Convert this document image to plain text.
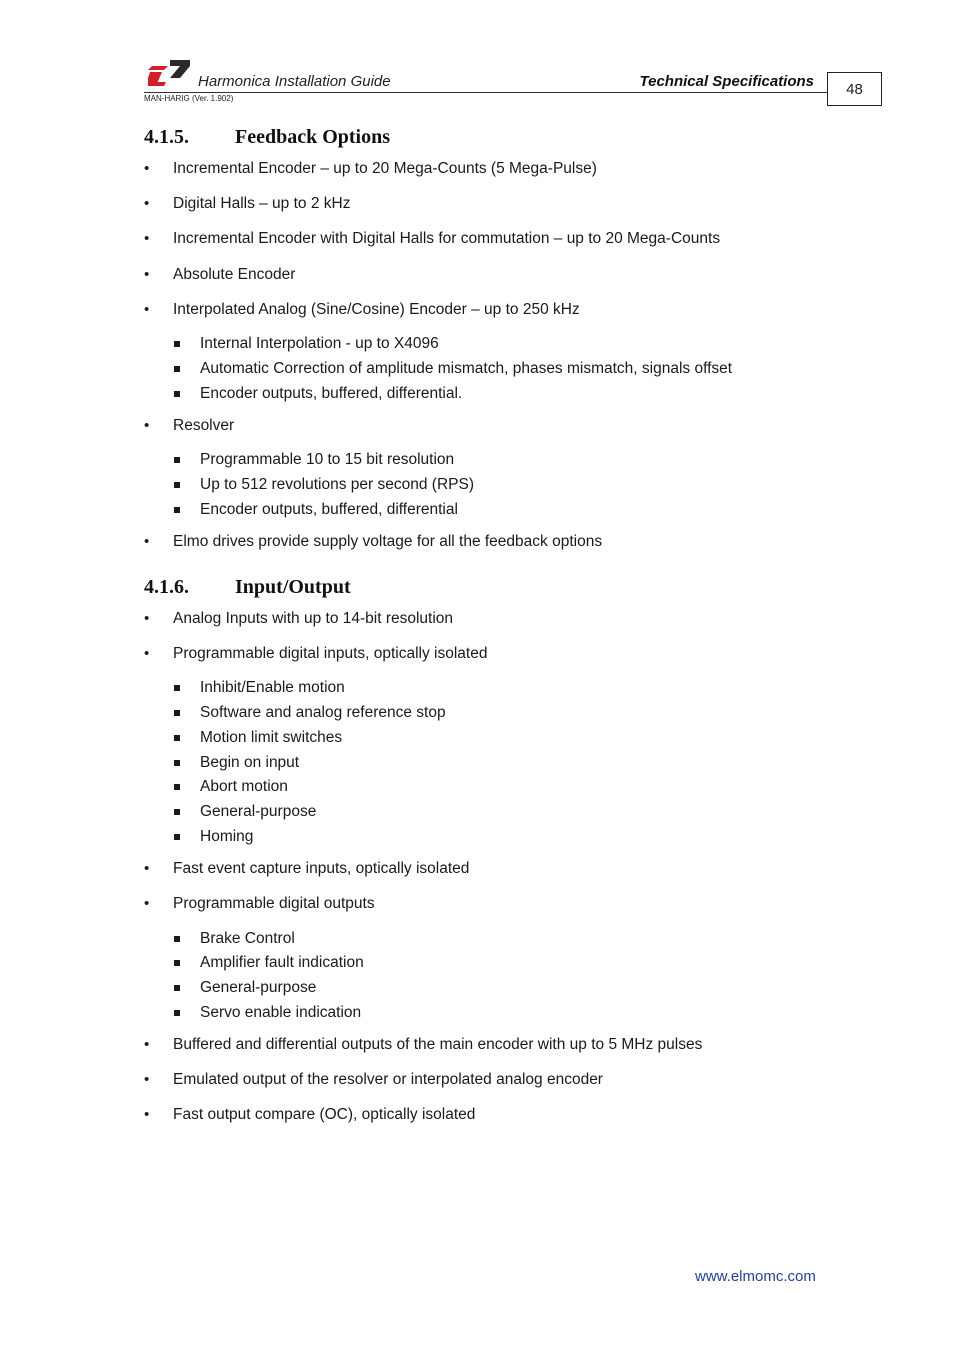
Harmonica Installation Guide	Technical Specifications
MAN-HARIG (Ver. 1.902)
48
4.1.5.	Feedback Options
• Incremental Encoder – up to 20 Mega-Counts (5 Mega-Pulse)
• Digital Halls – up to 2 kHz
• Incremental Encoder with Digital Halls for commutation – up to 20 Mega-Counts
• Absolute Encoder
• Interpolated Analog (Sine/Cosine) Encoder – up to 250 kHz
Internal Interpolation - up to X4096
Automatic Correction of amplitude mismatch, phases mismatch, signals offset
Encoder outputs, buffered, differential.
• Resolver
Programmable 10 to 15 bit resolution
Up to 512 revolutions per second (RPS)
Encoder outputs, buffered, differential
• Elmo drives provide supply voltage for all the feedback options
4.1.6.	Input/Output
• Analog Inputs with up to 14-bit resolution
• Programmable digital inputs, optically isolated
Inhibit/Enable motion
Software and analog reference stop
Motion limit switches
Begin on input
Abort motion
General-purpose
Homing
• Fast event capture inputs, optically isolated
• Programmable digital outputs
Brake Control
Amplifier fault indication
General-purpose
Servo enable indication
• Buffered and differential outputs of the main encoder with up to 5 MHz pulses
• Emulated output of the resolver or interpolated analog encoder
• Fast output compare (OC), optically isolated
www.elmomc.com
